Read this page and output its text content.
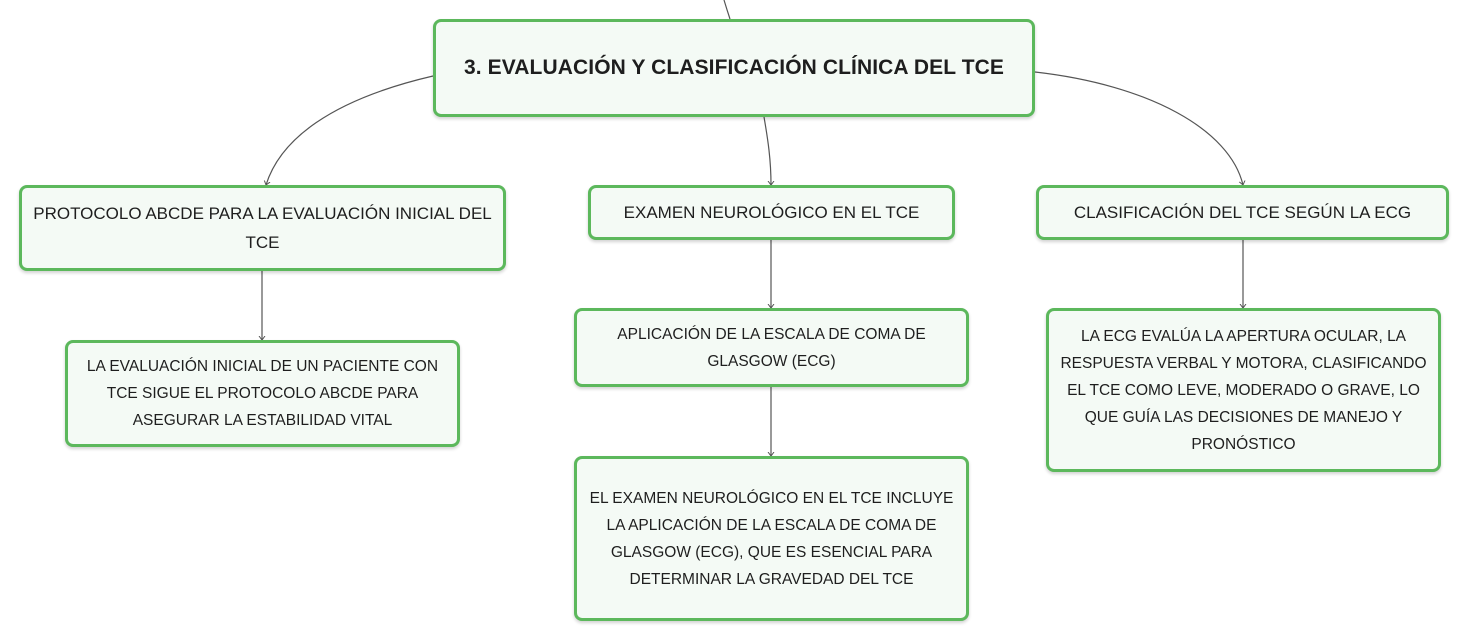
3. EVALUACIÓN Y CLASIFICACIÓN CLÍNICA DEL TCE
PROTOCOLO ABCDE PARA LA EVALUACIÓN INICIAL DEL TCE
EXAMEN NEUROLÓGICO EN EL TCE	CLASIFICACIÓN DEL TCE SEGÚN LA ECG
LA EVALUACIÓN INICIAL DE UN PACIENTE CON TCE SIGUE EL PROTOCOLO ABCDE PARA ASEGURAR LA ESTABILIDAD VITAL
APLICACIÓN DE LA ESCALA DE COMA DE GLASGOW (ECG)
EL EXAMEN NEUROLÓGICO EN EL TCE INCLUYE LA APLICACIÓN DE LA ESCALA DE COMA DE GLASGOW (ECG), QUE ES ESENCIAL PARA DETERMINAR LA GRAVEDAD DEL TCE
LA ECG EVALÚA LA APERTURA OCULAR, LA RESPUESTA VERBAL Y MOTORA, CLASIFICANDO EL TCE COMO LEVE, MODERADO O GRAVE, LO QUE GUÍA LAS DECISIONES DE MANEJO Y PRONÓSTICO
